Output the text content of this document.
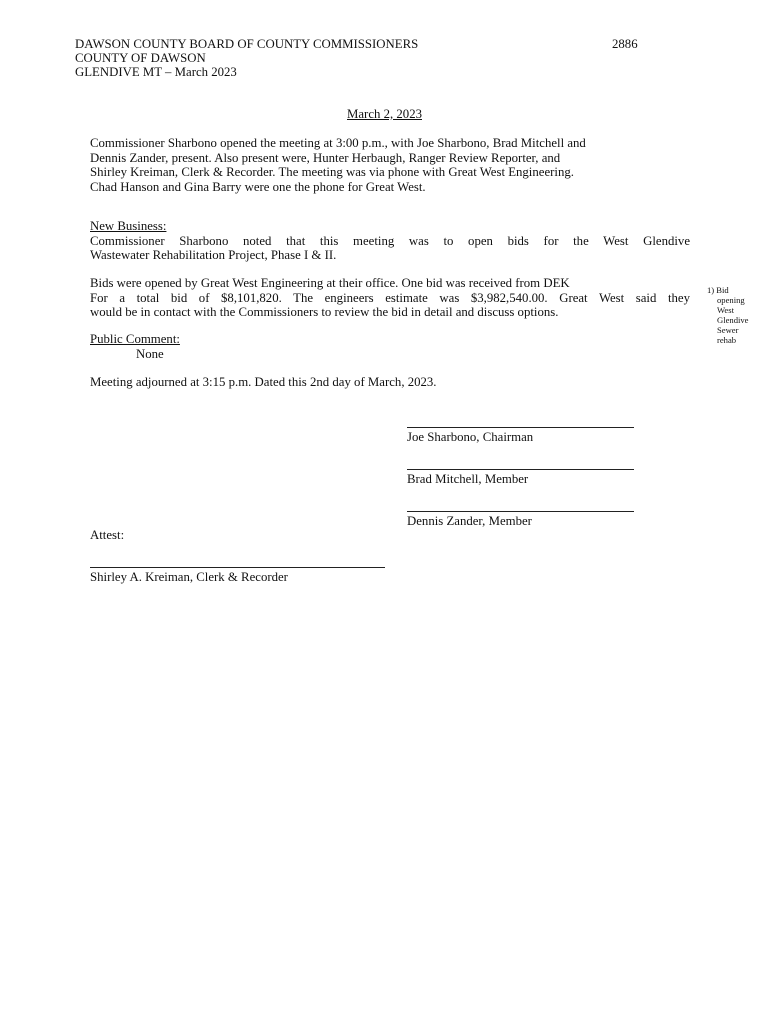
DAWSON COUNTY BOARD OF COUNTY COMMISSIONERS	2886
COUNTY OF DAWSON
GLENDIVE MT – March 2023
March 2, 2023
Commissioner Sharbono opened the meeting at 3:00 p.m., with Joe Sharbono, Brad Mitchell and
Dennis Zander, present. Also present were, Hunter Herbaugh, Ranger Review Reporter, and
Shirley Kreiman, Clerk & Recorder. The meeting was via phone with Great West Engineering.
Chad Hanson and Gina Barry were one the phone for Great West.
New Business:
Commissioner Sharbono noted that this meeting was to open bids for the West Glendive
Wastewater Rehabilitation Project, Phase I & II.
Bids were opened by Great West Engineering at their office. One bid was received from DEK
For a total bid of $8,101,820. The engineers estimate was $3,982,540.00. Great West said they
would be in contact with the Commissioners to review the bid in detail and discuss options.
1) Bid
opening
West
Glendive
Sewer
rehab
Public Comment:
None
Meeting adjourned at 3:15 p.m. Dated this 2nd day of March, 2023.
Joe Sharbono, Chairman
Brad Mitchell, Member
Dennis Zander, Member
Attest:
Shirley A. Kreiman, Clerk & Recorder
